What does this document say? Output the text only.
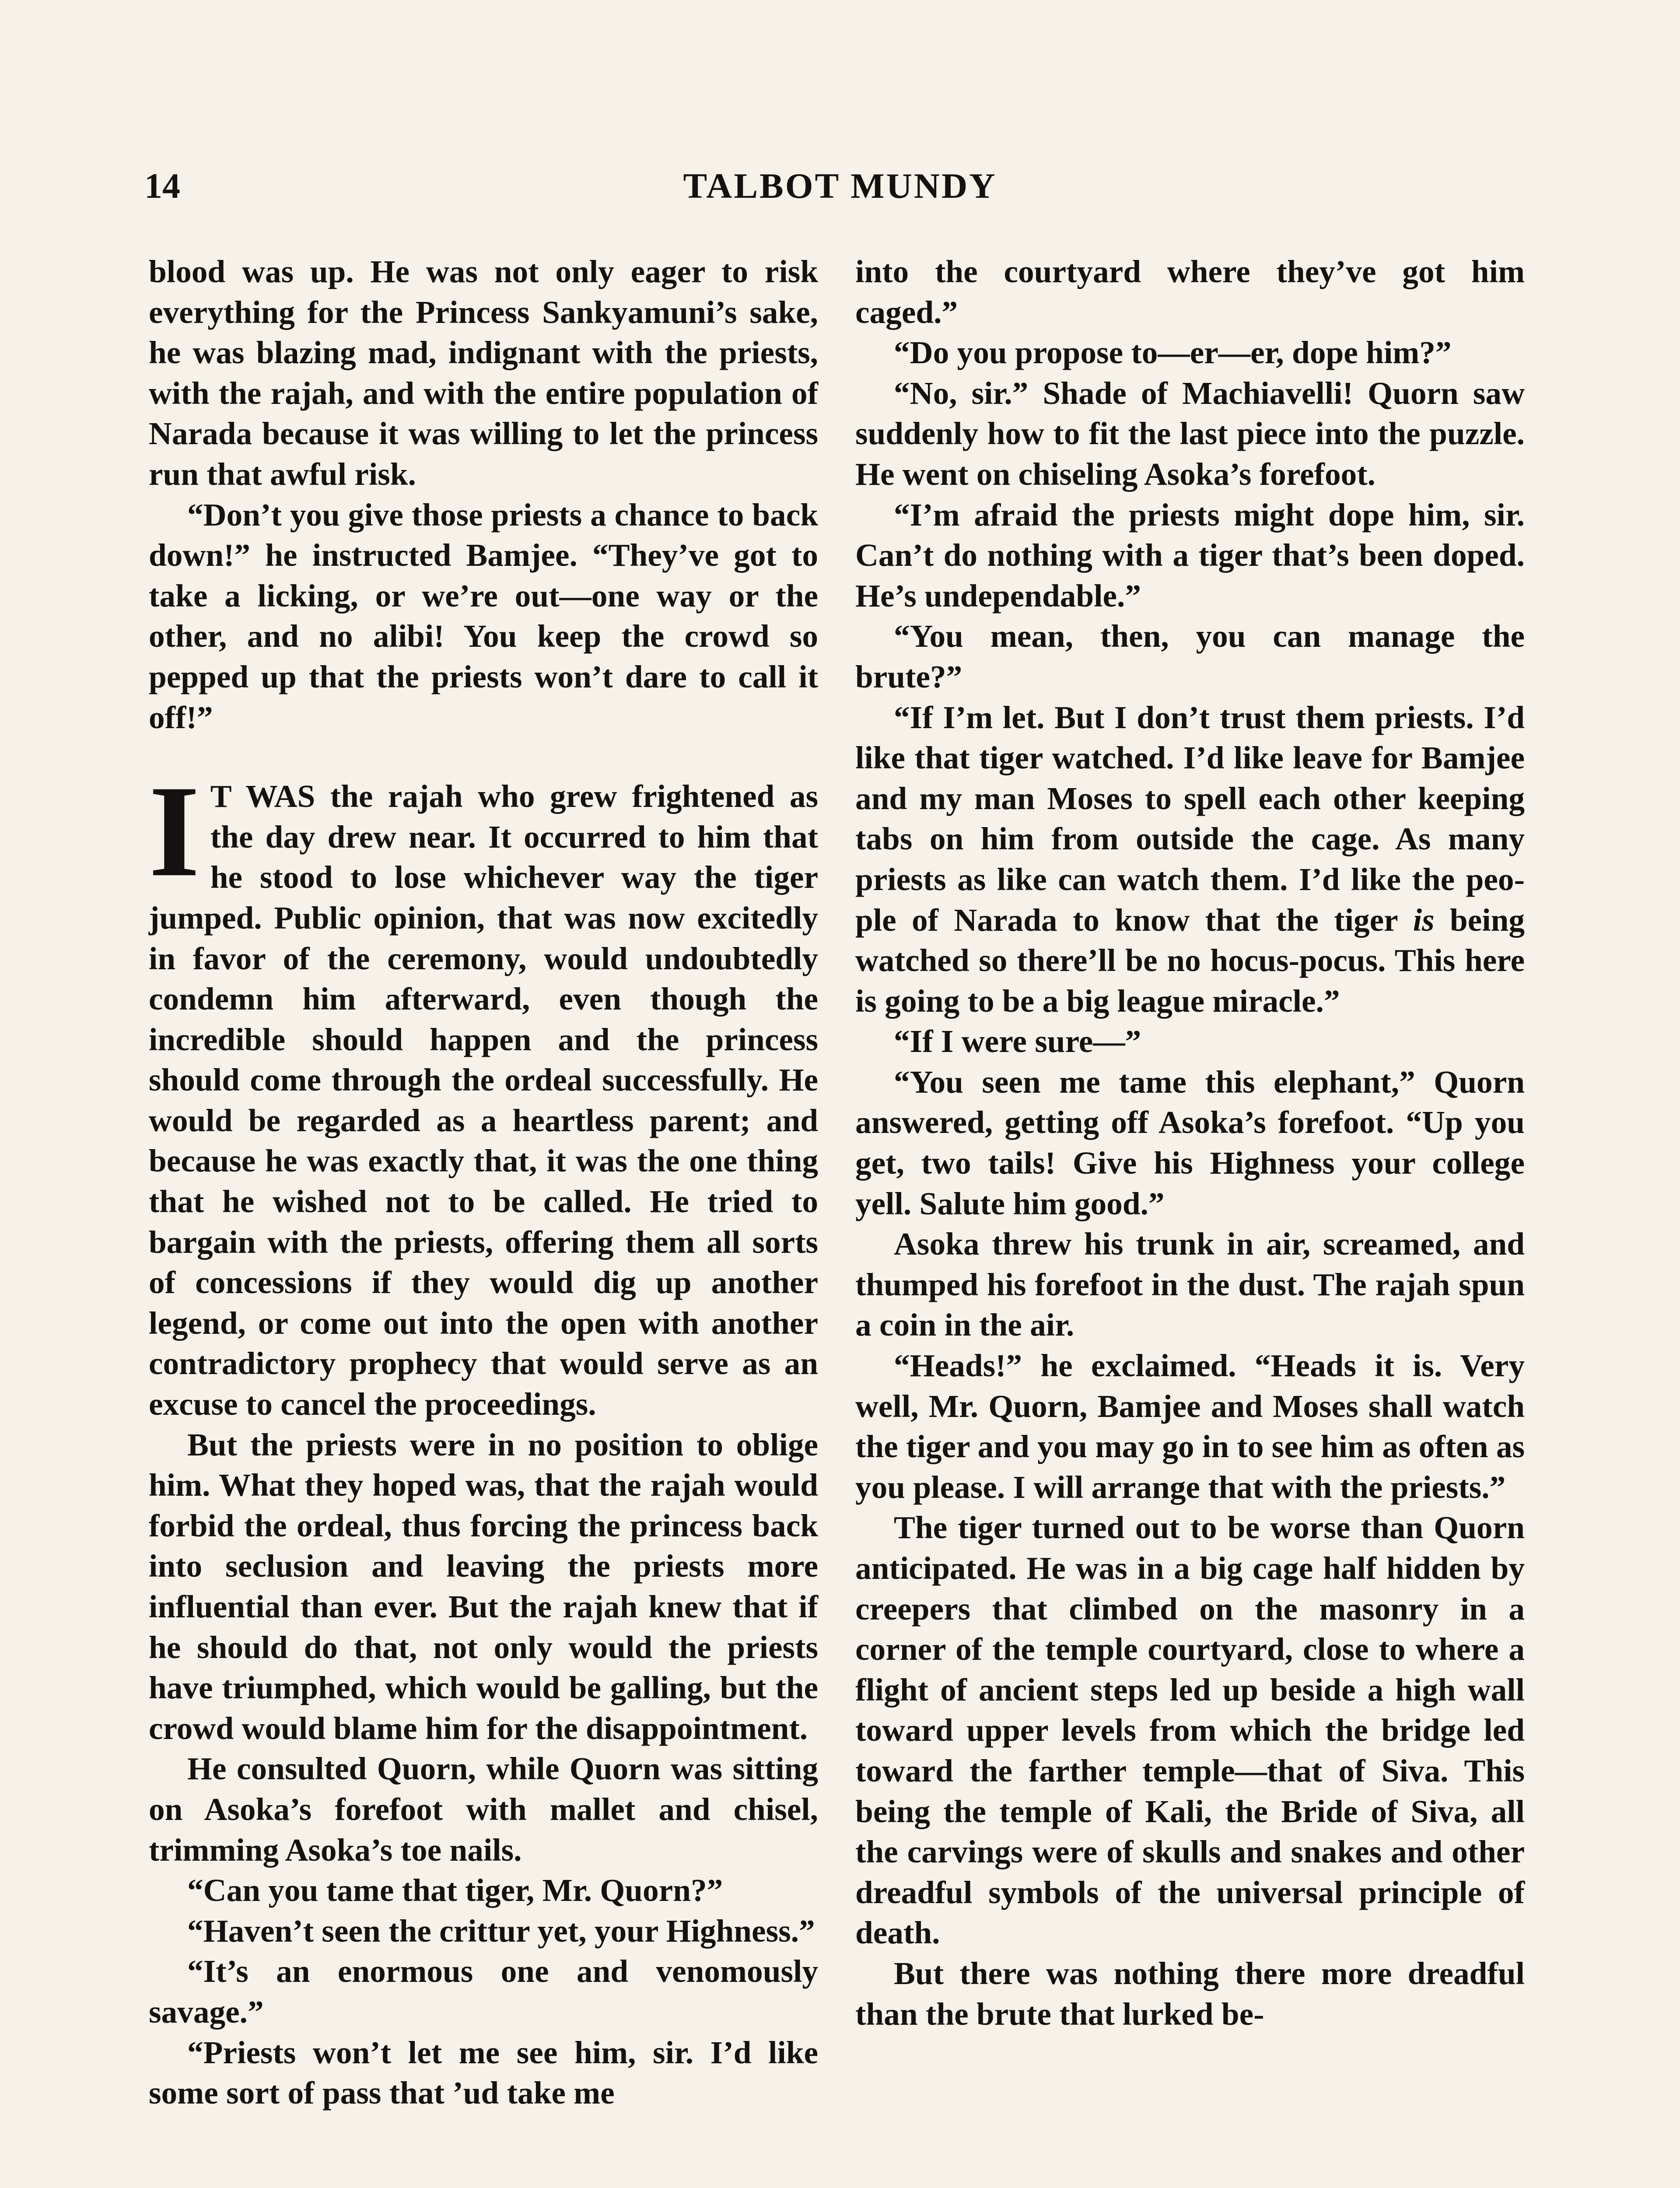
14	TALBOT MUNDY

blood was up. He was not only eager to risk everything for the Princess Sankyamuni’s sake, he was blazing mad, indignant with the priests, with the rajah, and with the entire population of Narada because it was willing to let the princess run that awful risk.

“Don’t you give those priests a chance to back down!” he instructed Bamjee. “They’ve got to take a licking, or we’re out—one way or the other, and no alibi! You keep the crowd so pepped up that the priests won’t dare to call it off!”

I T WAS the rajah who grew frightened as the day drew near. It occurred to him that he stood to lose whichever way the tiger jumped. Public opinion, that was now excitedly in favor of the ceremony, would undoubtedly condemn him afterward, even though the incredible should happen and the princess should come through the ordeal successfully. He would be regarded as a heartless parent; and because he was exactly that, it was the one thing that he wished not to be called. He tried to bargain with the priests, offering them all sorts of concessions if they would dig up another legend, or come out into the open with another contradictory prophecy that would serve as an excuse to cancel the proceedings.

But the priests were in no position to oblige him. What they hoped was, that the rajah would forbid the ordeal, thus forcing the princess back into seclusion and leaving the priests more influential than ever. But the rajah knew that if he should do that, not only would the priests have triumphed, which would be galling, but the crowd would blame him for the disappointment.

He consulted Quorn, while Quorn was sitting on Asoka’s forefoot with mallet and chisel, trimming Asoka’s toe nails.

“Can you tame that tiger, Mr. Quorn?”

“Haven’t seen the crittur yet, your Highness.”

“It’s an enormous one and venomously savage.”

“Priests won’t let me see him, sir. I’d like some sort of pass that ’ud take me

into the courtyard where they’ve got him caged.”

“Do you propose to—er—er, dope him?”

“No, sir.” Shade of Machiavelli! Quorn saw suddenly how to fit the last piece into the puzzle. He went on chiseling Asoka’s forefoot.

“I’m afraid the priests might dope him, sir. Can’t do nothing with a tiger that’s been doped. He’s undependable.”

“You mean, then, you can manage the brute?”

“If I’m let. But I don’t trust them priests. I’d like that tiger watched. I’d like leave for Bamjee and my man Moses to spell each other keeping tabs on him from outside the cage. As many priests as like can watch them. I’d like the people of Narada to know that the tiger is being watched so there’ll be no hocus-pocus. This here is going to be a big league miracle.”

“If I were sure—”

“You seen me tame this elephant,” Quorn answered, getting off Asoka’s forefoot. “Up you get, two tails! Give his Highness your college yell. Salute him good.”

Asoka threw his trunk in air, screamed, and thumped his forefoot in the dust. The rajah spun a coin in the air.

“Heads!” he exclaimed. “Heads it is. Very well, Mr. Quorn, Bamjee and Moses shall watch the tiger and you may go in to see him as often as you please. I will arrange that with the priests.”

The tiger turned out to be worse than Quorn anticipated. He was in a big cage half hidden by creepers that climbed on the masonry in a corner of the temple courtyard, close to where a flight of ancient steps led up beside a high wall toward upper levels from which the bridge led toward the farther temple—that of Siva. This being the temple of Kali, the Bride of Siva, all the carvings were of skulls and snakes and other dreadful symbols of the universal principle of death.

But there was nothing there more dreadful than the brute that lurked be-
